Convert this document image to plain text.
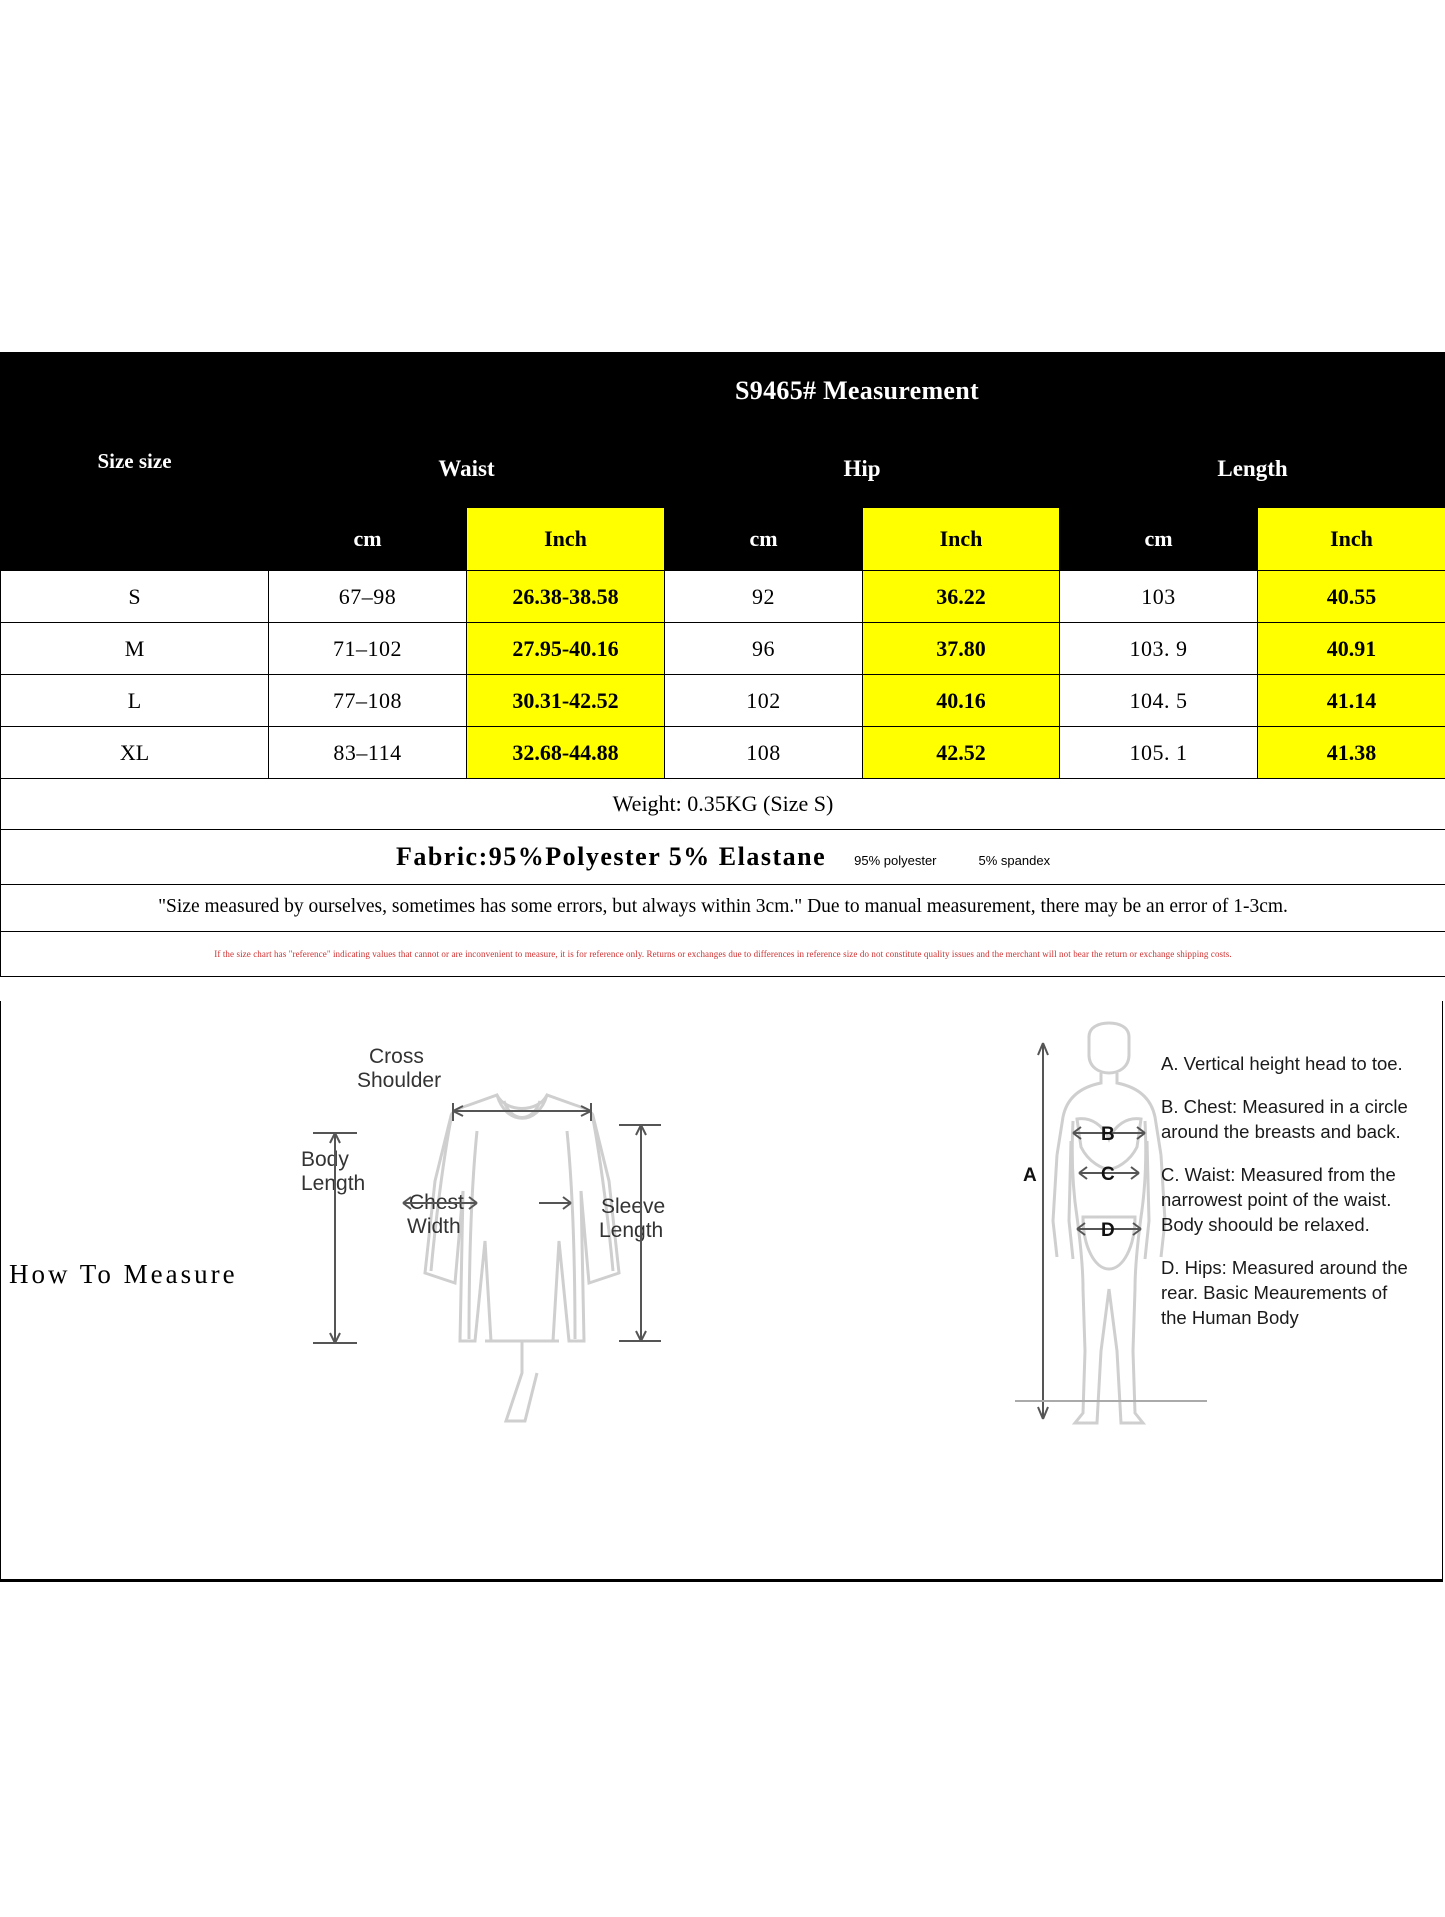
Size size	S9465# Measurement					
	Waist		Hip		Length	
	cm	Inch	cm	Inch	cm	Inch
S	67–98	26.38-38.58	92	36.22	103	40.55
M	71–102	27.95-40.16	96	37.80	103. 9	40.91
L	77–108	30.31-42.52	102	40.16	104. 5	41.14
XL	83–114	32.68-44.88	108	42.52	105. 1	41.38
Weight: 0.35KG (Size S)						
Fabric:95%Polyester 5% Elastane 95% polyester 5% spandex						
"Size measured by ourselves, sometimes has some errors, but always within 3cm." Due to manual measurement, there may be an error of 1-3cm.						
If the size chart has "reference" indicating values that cannot or are inconvenient to measure, it is for reference only. Returns or exchanges due to differences in reference size do not constitute quality issues and the merchant will not bear the return or exchange shipping costs.						
How To Measure
Cross
Shoulder
Body
Length
Chest
Width
Sleeve
Length
A
B
C
D

A. Vertical height head to toe.

B. Chest: Measured in a circle around the breasts and back.

C. Waist: Measured from the narrowest point of the waist. Body shoould be relaxed.

D. Hips: Measured around the rear. Basic Meaurements of the Human Body
